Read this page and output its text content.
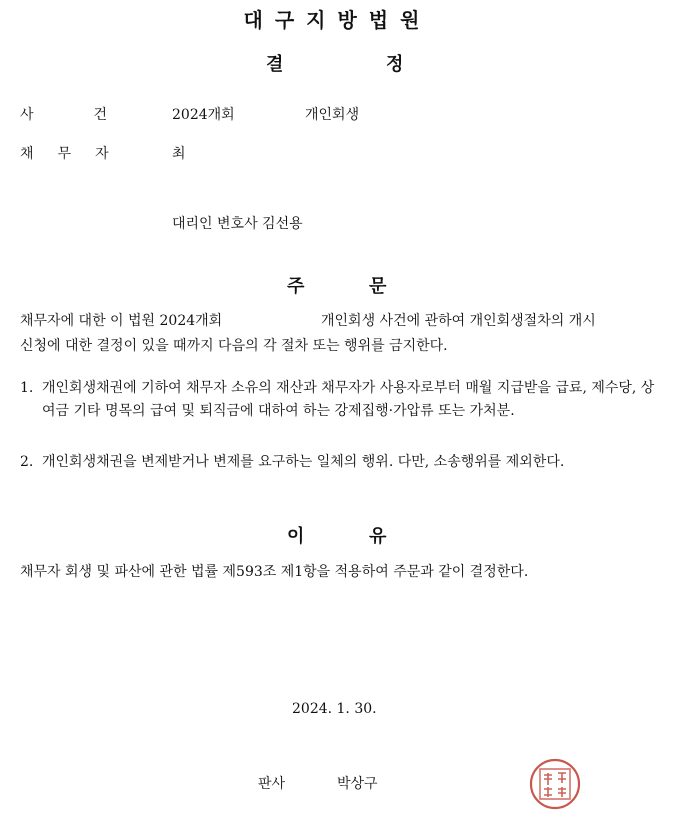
대구지방법원
결	정
사	건	2024개회	개인회생
채 무 자	최
대리인 변호사 김선용
주	문
채무자에 대한 이 법원 2024개회	개인회생 사건에 관하여 개인회생절차의 개시
신청에 대한 결정이 있을 때까지 다음의 각 절차 또는 행위를 금지한다.
1. 개인회생채권에 기하여 채무자 소유의 재산과 채무자가 사용자로부터 매월 지급받을 급료, 제수당, 상여금 기타 명목의 급여 및 퇴직금에 대하여 하는 강제집행·가압류 또는 가처분.
2. 개인회생채권을 변제받거나 변제를 요구하는 일체의 행위. 다만, 소송행위를 제외한다.
이	유
채무자 회생 및 파산에 관한 법률 제593조 제1항을 적용하여 주문과 같이 결정한다.
2024. 1. 30.
판사	박상구
